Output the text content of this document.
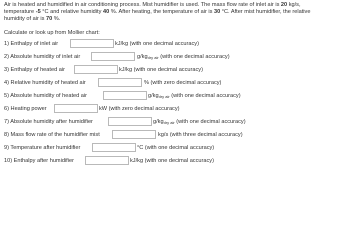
Air is heated and humidified in air conditioning process. Mist humidifier is used. The mass flow rate of inlet air is 20 kg/s,
temperature -5 °C and relative humidity 40 %. After heating, the temperature of air is 30 °C. After mist humidifier, the relative
humidity of air is 70 %.

Calculate or look up from Mollier chart:

1) Enthalpy of inlet air	kJ/kg (with one decimal accuracy)
2) Absolute humidity of inlet air	$g/kg_{dry air}$ (with one decimal accuracy)
3) Enthalpy of heated air	kJ/kg (with one decimal accuracy)
4) Relative humidity of heated air	% (with zero decimal accuracy)
5) Absolute humidity of heated air	$g/kg_{dry air}$ (with one decimal accuracy)
6) Heating power	kW (with zero decimal accuracy)
7) Absolute humidity after humidifier	$g/kg_{dry air}$ (with one decimal accuracy)
8) Mass flow rate of the humidifier mist	kg/s (with three decimal accuracy)
9) Temperature after humidifier	°C (with one decimal accuracy)
10) Enthalpy after humidifier	kJ/kg (with one decimal accuracy)
